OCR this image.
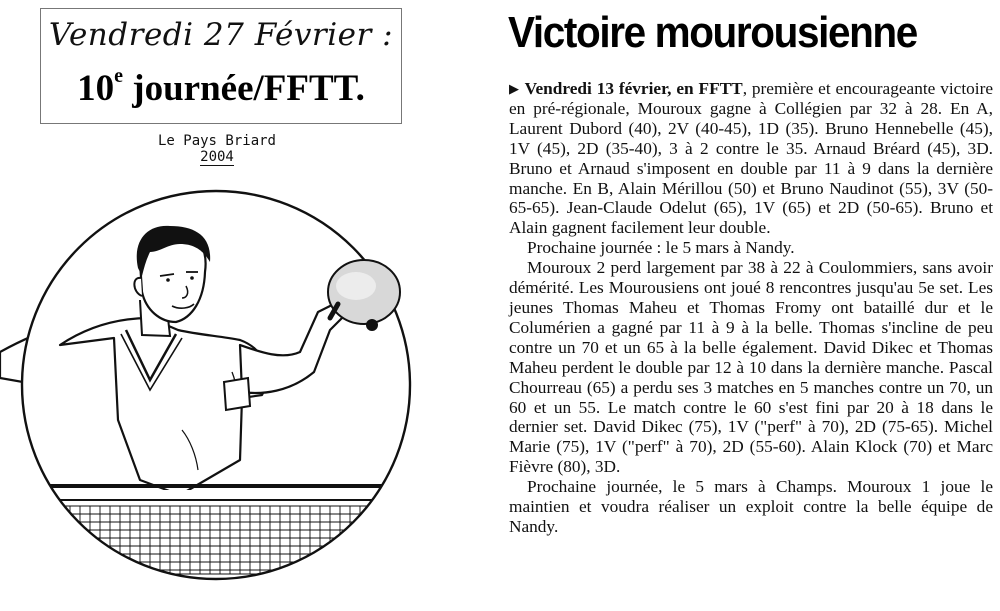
Vendredi 27 Février :
10e journée/FFTT.
Le Pays Briard
2004
Victoire mourousienne

▶ Vendredi 13 février, en FFTT, première et encourageante victoire en pré-régionale, Mouroux gagne à Collégien par 32 à 28. En A, Laurent Dubord (40), 2V (40-45), 1D (35). Bruno Hennebelle (45), 1V (45), 2D (35-40), 3 à 2 contre le 35. Arnaud Bréard (45), 3D. Bruno et Arnaud s'imposent en double par 11 à 9 dans la dernière manche. En B, Alain Mérillou (50) et Bruno Naudinot (55), 3V (50-65-65). Jean-Claude Odelut (65), 1V (65) et 2D (50-65). Bruno et Alain gagnent facilement leur double.

Prochaine journée : le 5 mars à Nandy.

Mouroux 2 perd largement par 38 à 22 à Coulommiers, sans avoir démérité. Les Mourousiens ont joué 8 rencontres jusqu'au 5e set. Les jeunes Thomas Maheu et Thomas Fromy ont bataillé dur et le Columérien a gagné par 11 à 9 à la belle. Thomas s'incline de peu contre un 70 et un 65 à la belle également. David Dikec et Thomas Maheu perdent le double par 12 à 10 dans la dernière manche. Pascal Chourreau (65) a perdu ses 3 matches en 5 manches contre un 70, un 60 et un 55. Le match contre le 60 s'est fini par 20 à 18 dans le dernier set. David Dikec (75), 1V ("perf" à 70), 2D (75-65). Michel Marie (75), 1V ("perf" à 70), 2D (55-60). Alain Klock (70) et Marc Fièvre (80), 3D.

Prochaine journée, le 5 mars à Champs. Mouroux 1 joue le maintien et voudra réaliser un exploit contre la belle équipe de Nandy.
